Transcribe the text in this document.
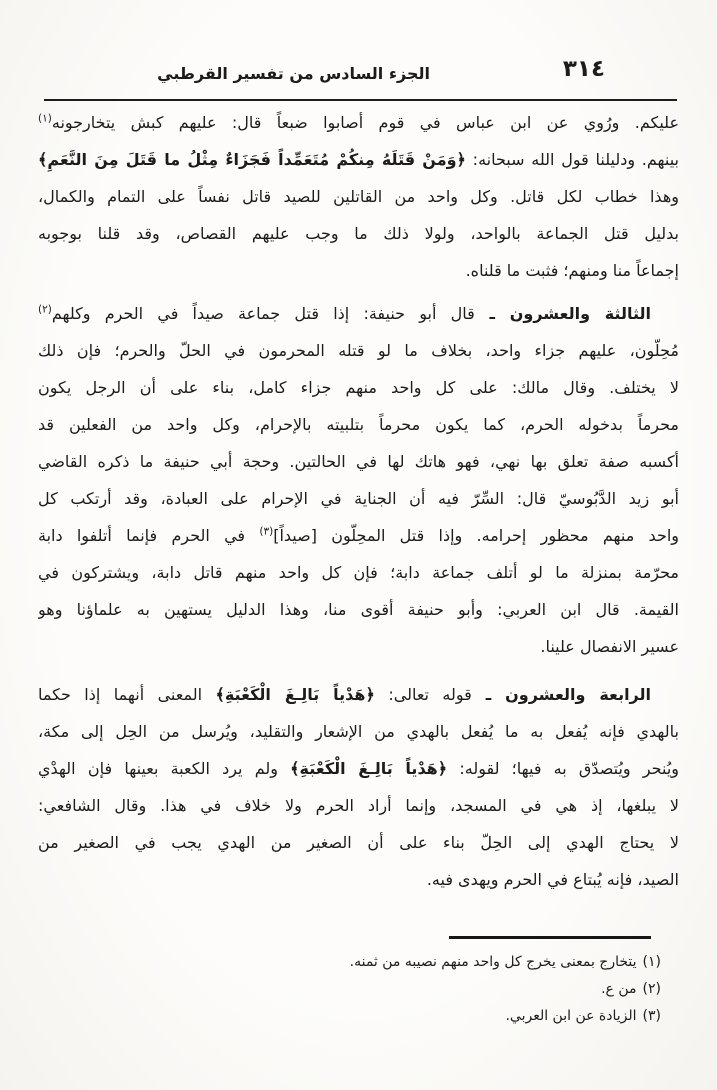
٣١٤
الجزء السادس من تفسير القرطبي
عليكم. ورُوي عن ابن عباس في قوم أصابوا ضبعاً قال: عليهم كبش يتخارجونه$^{(١)}$
بينهم. ودليلنا قول الله سبحانه: ﴿وَمَنْ قَتَلَهُ مِنكُمْ مُتَعَمِّداً فَجَزَاءٌ مِثْلُ ما قَتَلَ مِنَ النَّعَمِ﴾
وهذا خطاب لكل قاتل. وكل واحد من القاتلين للصيد قاتل نفساً على التمام والكمال،
بدليل قتل الجماعة بالواحد، ولولا ذلك ما وجب عليهم القصاص، وقد قلنا بوجوبه
إجماعاً منا ومنهم؛ فثبت ما قلناه.
الثالثة والعشرون ـ قال أبو حنيفة: إذا قتل جماعة صيداً في الحرم وكلهم$^{(٢)}$
مُحِلّون، عليهم جزاء واحد، بخلاف ما لو قتله المحرمون في الحلّ والحرم؛ فإن ذلك
لا يختلف. وقال مالك: على كل واحد منهم جزاء كامل، بناء على أن الرجل يكون
محرماً بدخوله الحرم، كما يكون محرماً بتلبيته بالإحرام، وكل واحد من الفعلين قد
أكسبه صفة تعلق بها نهي، فهو هاتك لها في الحالتين. وحجة أبي حنيفة ما ذكره القاضي
أبو زيد الدَّبُوسيّ قال: السِّرّ فيه أن الجناية في الإحرام على العبادة، وقد أرتكب كل
واحد منهم محظور إحرامه. وإذا قتل المحِلّون [صيداً]$^{(٣)}$ في الحرم فإنما أتلفوا دابة
محرّمة بمنزلة ما لو أتلف جماعة دابة؛ فإن كل واحد منهم قاتل دابة، ويشتركون في
القيمة. قال ابن العربي: وأبو حنيفة أقوى منا، وهذا الدليل يستهين به علماؤنا وهو
عسير الانفصال علينا.
الرابعة والعشرون ـ قوله تعالى: ﴿هَدْياً بَالِـغَ الْكَعْبَةِ﴾ المعنى أنهما إذا حكما
بالهدي فإنه يُفعل به ما يُفعل بالهدي من الإشعار والتقليد، ويُرسل من الحِل إلى مكة،
ويُنحر ويُتصدّق به فيها؛ لقوله: ﴿هَدْياً بَالِـغَ الْكَعْبَةِ﴾ ولم يرد الكعبة بعينها فإن الهدْي
لا يبلغها، إذ هي في المسجد، وإنما أراد الحرم ولا خلاف في هذا. وقال الشافعي:
لا يحتاج الهدي إلى الحِلّ بناء على أن الصغير من الهدي يجب في الصغير من
الصيد، فإنه يُبتاع في الحرم ويهدى فيه.
(١)يتخارج بمعنى يخرج كل واحد منهم نصيبه من ثمنه.
(٢)من ع.
(٣)الزيادة عن ابن العربي.
